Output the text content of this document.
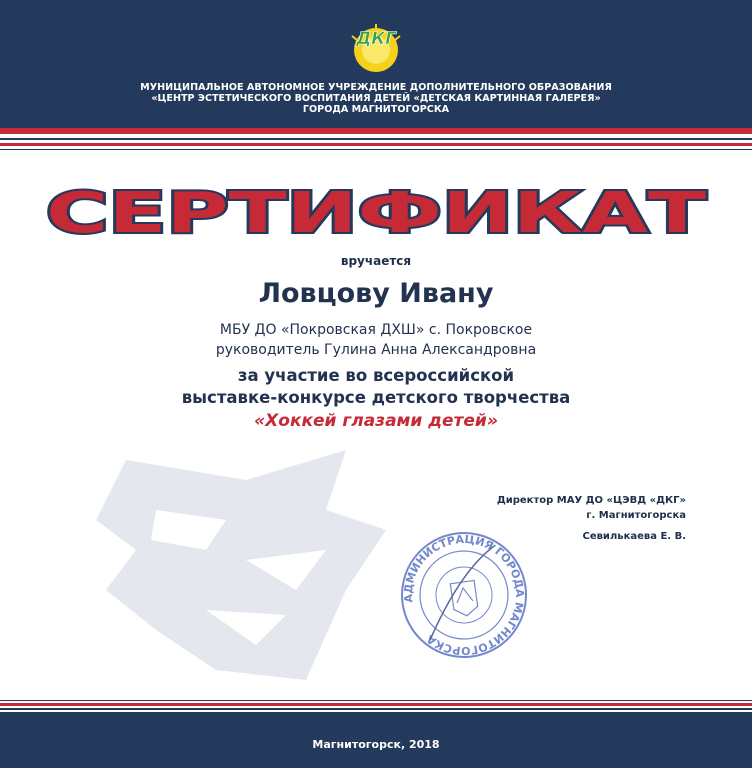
ДКГ
МУНИЦИПАЛЬНОЕ АВТОНОМНОЕ УЧРЕЖДЕНИЕ ДОПОЛНИТЕЛЬНОГО ОБРАЗОВАНИЯ
«ЦЕНТР ЭСТЕТИЧЕСКОГО ВОСПИТАНИЯ ДЕТЕЙ «ДЕТСКАЯ КАРТИННАЯ ГАЛЕРЕЯ»
ГОРОДА МАГНИТОГОРСКА
СЕРТИФИКАТ
вручается
Ловцову Ивану
МБУ ДО «Покровская ДХШ» с. Покровское
руководитель Гулина Анна Александровна
за участие во всероссийской
выставке-конкурсе детского творчества
«Хоккей глазами детей»
Директор МАУ ДО «ЦЭВД «ДКГ»
г. Магнитогорска
Севилькаева Е. В.
АДМИНИСТРАЦИЯ ГОРОДА МАГНИТОГОРСКА
Магнитогорск, 2018
